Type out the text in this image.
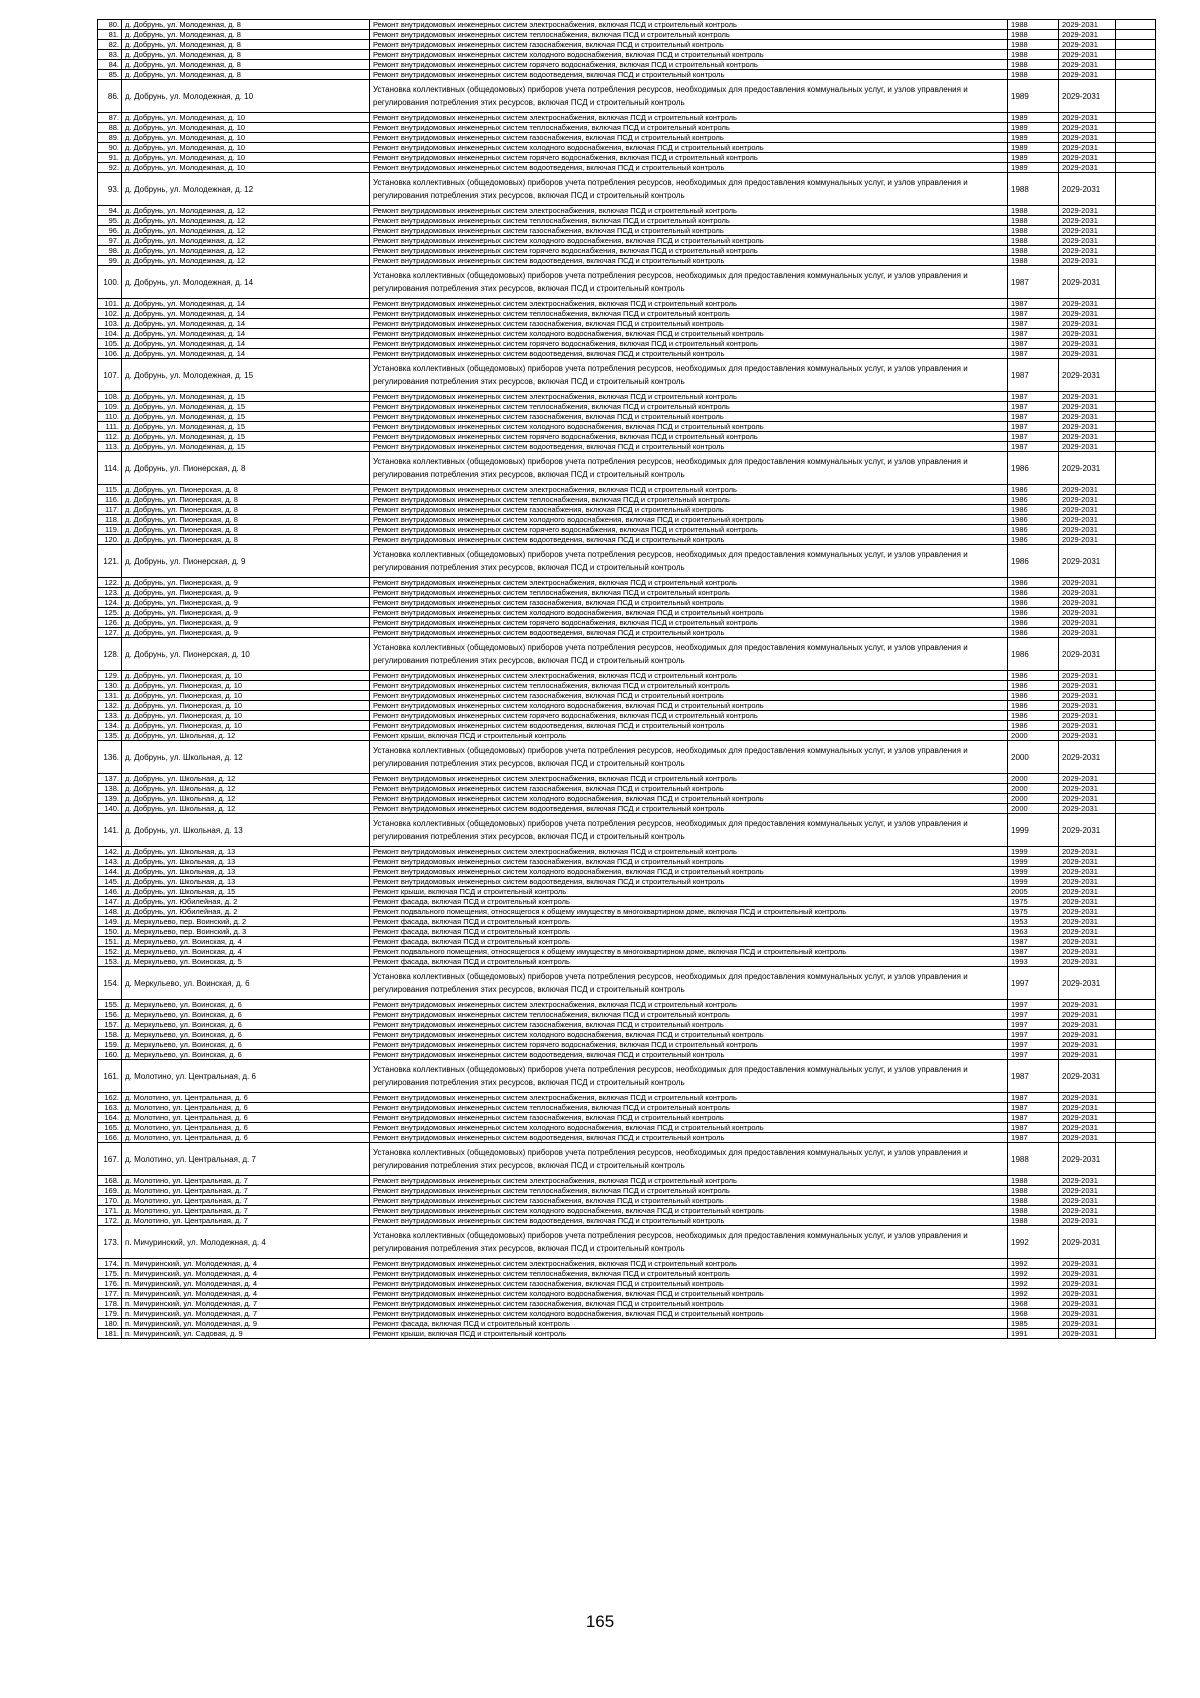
80.	д. Добрунь, ул. Молодежная, д. 8	Ремонт внутридомовых инженерных систем электроснабжения, включая ПСД и строительный контроль	1988	2029-2031	
81.	д. Добрунь, ул. Молодежная, д. 8	Ремонт внутридомовых инженерных систем теплоснабжения, включая ПСД и строительный контроль	1988	2029-2031	
82.	д. Добрунь, ул. Молодежная, д. 8	Ремонт внутридомовых инженерных систем газоснабжения, включая ПСД и строительный контроль	1988	2029-2031	
83.	д. Добрунь, ул. Молодежная, д. 8	Ремонт внутридомовых инженерных систем холодного водоснабжения, включая ПСД и строительный контроль	1988	2029-2031	
84.	д. Добрунь, ул. Молодежная, д. 8	Ремонт внутридомовых инженерных систем горячего водоснабжения, включая ПСД и строительный контроль	1988	2029-2031	
85.	д. Добрунь, ул. Молодежная, д. 8	Ремонт внутридомовых инженерных систем водоотведения, включая ПСД и строительный контроль	1988	2029-2031	
86.	д. Добрунь, ул. Молодежная, д. 10	Установка коллективных (общедомовых) приборов учета потребления ресурсов, необходимых для предоставления коммунальных услуг, и узлов управления и регулирования потребления этих ресурсов, включая ПСД и строительный контроль	1989	2029-2031	
87.	д. Добрунь, ул. Молодежная, д. 10	Ремонт внутридомовых инженерных систем электроснабжения, включая ПСД и строительный контроль	1989	2029-2031	
88.	д. Добрунь, ул. Молодежная, д. 10	Ремонт внутридомовых инженерных систем теплоснабжения, включая ПСД и строительный контроль	1989	2029-2031	
89.	д. Добрунь, ул. Молодежная, д. 10	Ремонт внутридомовых инженерных систем газоснабжения, включая ПСД и строительный контроль	1989	2029-2031	
90.	д. Добрунь, ул. Молодежная, д. 10	Ремонт внутридомовых инженерных систем холодного водоснабжения, включая ПСД и строительный контроль	1989	2029-2031	
91.	д. Добрунь, ул. Молодежная, д. 10	Ремонт внутридомовых инженерных систем горячего водоснабжения, включая ПСД и строительный контроль	1989	2029-2031	
92.	д. Добрунь, ул. Молодежная, д. 10	Ремонт внутридомовых инженерных систем водоотведения, включая ПСД и строительный контроль	1989	2029-2031	
93.	д. Добрунь, ул. Молодежная, д. 12	Установка коллективных (общедомовых) приборов учета потребления ресурсов, необходимых для предоставления коммунальных услуг, и узлов управления и регулирования потребления этих ресурсов, включая ПСД и строительный контроль	1988	2029-2031	
94.	д. Добрунь, ул. Молодежная, д. 12	Ремонт внутридомовых инженерных систем электроснабжения, включая ПСД и строительный контроль	1988	2029-2031	
95.	д. Добрунь, ул. Молодежная, д. 12	Ремонт внутридомовых инженерных систем теплоснабжения, включая ПСД и строительный контроль	1988	2029-2031	
96.	д. Добрунь, ул. Молодежная, д. 12	Ремонт внутридомовых инженерных систем газоснабжения, включая ПСД и строительный контроль	1988	2029-2031	
97.	д. Добрунь, ул. Молодежная, д. 12	Ремонт внутридомовых инженерных систем холодного водоснабжения, включая ПСД и строительный контроль	1988	2029-2031	
98.	д. Добрунь, ул. Молодежная, д. 12	Ремонт внутридомовых инженерных систем горячего водоснабжения, включая ПСД и строительный контроль	1988	2029-2031	
99.	д. Добрунь, ул. Молодежная, д. 12	Ремонт внутридомовых инженерных систем водоотведения, включая ПСД и строительный контроль	1988	2029-2031	
100.	д. Добрунь, ул. Молодежная, д. 14	Установка коллективных (общедомовых) приборов учета потребления ресурсов, необходимых для предоставления коммунальных услуг, и узлов управления и регулирования потребления этих ресурсов, включая ПСД и строительный контроль	1987	2029-2031	
101.	д. Добрунь, ул. Молодежная, д. 14	Ремонт внутридомовых инженерных систем электроснабжения, включая ПСД и строительный контроль	1987	2029-2031	
102.	д. Добрунь, ул. Молодежная, д. 14	Ремонт внутридомовых инженерных систем теплоснабжения, включая ПСД и строительный контроль	1987	2029-2031	
103.	д. Добрунь, ул. Молодежная, д. 14	Ремонт внутридомовых инженерных систем газоснабжения, включая ПСД и строительный контроль	1987	2029-2031	
104.	д. Добрунь, ул. Молодежная, д. 14	Ремонт внутридомовых инженерных систем холодного водоснабжения, включая ПСД и строительный контроль	1987	2029-2031	
105.	д. Добрунь, ул. Молодежная, д. 14	Ремонт внутридомовых инженерных систем горячего водоснабжения, включая ПСД и строительный контроль	1987	2029-2031	
106.	д. Добрунь, ул. Молодежная, д. 14	Ремонт внутридомовых инженерных систем водоотведения, включая ПСД и строительный контроль	1987	2029-2031	
107.	д. Добрунь, ул. Молодежная, д. 15	Установка коллективных (общедомовых) приборов учета потребления ресурсов, необходимых для предоставления коммунальных услуг, и узлов управления и регулирования потребления этих ресурсов, включая ПСД и строительный контроль	1987	2029-2031	
108.	д. Добрунь, ул. Молодежная, д. 15	Ремонт внутридомовых инженерных систем электроснабжения, включая ПСД и строительный контроль	1987	2029-2031	
109.	д. Добрунь, ул. Молодежная, д. 15	Ремонт внутридомовых инженерных систем теплоснабжения, включая ПСД и строительный контроль	1987	2029-2031	
110.	д. Добрунь, ул. Молодежная, д. 15	Ремонт внутридомовых инженерных систем газоснабжения, включая ПСД и строительный контроль	1987	2029-2031	
111.	д. Добрунь, ул. Молодежная, д. 15	Ремонт внутридомовых инженерных систем холодного водоснабжения, включая ПСД и строительный контроль	1987	2029-2031	
112.	д. Добрунь, ул. Молодежная, д. 15	Ремонт внутридомовых инженерных систем горячего водоснабжения, включая ПСД и строительный контроль	1987	2029-2031	
113.	д. Добрунь, ул. Молодежная, д. 15	Ремонт внутридомовых инженерных систем водоотведения, включая ПСД и строительный контроль	1987	2029-2031	
114.	д. Добрунь, ул. Пионерская, д. 8	Установка коллективных (общедомовых) приборов учета потребления ресурсов, необходимых для предоставления коммунальных услуг, и узлов управления и регулирования потребления этих ресурсов, включая ПСД и строительный контроль	1986	2029-2031	
115.	д. Добрунь, ул. Пионерская, д. 8	Ремонт внутридомовых инженерных систем электроснабжения, включая ПСД и строительный контроль	1986	2029-2031	
116.	д. Добрунь, ул. Пионерская, д. 8	Ремонт внутридомовых инженерных систем теплоснабжения, включая ПСД и строительный контроль	1986	2029-2031	
117.	д. Добрунь, ул. Пионерская, д. 8	Ремонт внутридомовых инженерных систем газоснабжения, включая ПСД и строительный контроль	1986	2029-2031	
118.	д. Добрунь, ул. Пионерская, д. 8	Ремонт внутридомовых инженерных систем холодного водоснабжения, включая ПСД и строительный контроль	1986	2029-2031	
119.	д. Добрунь, ул. Пионерская, д. 8	Ремонт внутридомовых инженерных систем горячего водоснабжения, включая ПСД и строительный контроль	1986	2029-2031	
120.	д. Добрунь, ул. Пионерская, д. 8	Ремонт внутридомовых инженерных систем водоотведения, включая ПСД и строительный контроль	1986	2029-2031	
121.	д. Добрунь, ул. Пионерская, д. 9	Установка коллективных (общедомовых) приборов учета потребления ресурсов, необходимых для предоставления коммунальных услуг, и узлов управления и регулирования потребления этих ресурсов, включая ПСД и строительный контроль	1986	2029-2031	
122.	д. Добрунь, ул. Пионерская, д. 9	Ремонт внутридомовых инженерных систем электроснабжения, включая ПСД и строительный контроль	1986	2029-2031	
123.	д. Добрунь, ул. Пионерская, д. 9	Ремонт внутридомовых инженерных систем теплоснабжения, включая ПСД и строительный контроль	1986	2029-2031	
124.	д. Добрунь, ул. Пионерская, д. 9	Ремонт внутридомовых инженерных систем газоснабжения, включая ПСД и строительный контроль	1986	2029-2031	
125.	д. Добрунь, ул. Пионерская, д. 9	Ремонт внутридомовых инженерных систем холодного водоснабжения, включая ПСД и строительный контроль	1986	2029-2031	
126.	д. Добрунь, ул. Пионерская, д. 9	Ремонт внутридомовых инженерных систем горячего водоснабжения, включая ПСД и строительный контроль	1986	2029-2031	
127.	д. Добрунь, ул. Пионерская, д. 9	Ремонт внутридомовых инженерных систем водоотведения, включая ПСД и строительный контроль	1986	2029-2031	
128.	д. Добрунь, ул. Пионерская, д. 10	Установка коллективных (общедомовых) приборов учета потребления ресурсов, необходимых для предоставления коммунальных услуг, и узлов управления и регулирования потребления этих ресурсов, включая ПСД и строительный контроль	1986	2029-2031	
129.	д. Добрунь, ул. Пионерская, д. 10	Ремонт внутридомовых инженерных систем электроснабжения, включая ПСД и строительный контроль	1986	2029-2031	
130.	д. Добрунь, ул. Пионерская, д. 10	Ремонт внутридомовых инженерных систем теплоснабжения, включая ПСД и строительный контроль	1986	2029-2031	
131.	д. Добрунь, ул. Пионерская, д. 10	Ремонт внутридомовых инженерных систем газоснабжения, включая ПСД и строительный контроль	1986	2029-2031	
132.	д. Добрунь, ул. Пионерская, д. 10	Ремонт внутридомовых инженерных систем холодного водоснабжения, включая ПСД и строительный контроль	1986	2029-2031	
133.	д. Добрунь, ул. Пионерская, д. 10	Ремонт внутридомовых инженерных систем горячего водоснабжения, включая ПСД и строительный контроль	1986	2029-2031	
134.	д. Добрунь, ул. Пионерская, д. 10	Ремонт внутридомовых инженерных систем водоотведения, включая ПСД и строительный контроль	1986	2029-2031	
135.	д. Добрунь, ул. Школьная, д. 12	Ремонт крыши, включая ПСД и строительный контроль	2000	2029-2031	
136.	д. Добрунь, ул. Школьная, д. 12	Установка коллективных (общедомовых) приборов учета потребления ресурсов, необходимых для предоставления коммунальных услуг, и узлов управления и регулирования потребления этих ресурсов, включая ПСД и строительный контроль	2000	2029-2031	
137.	д. Добрунь, ул. Школьная, д. 12	Ремонт внутридомовых инженерных систем электроснабжения, включая ПСД и строительный контроль	2000	2029-2031	
138.	д. Добрунь, ул. Школьная, д. 12	Ремонт внутридомовых инженерных систем газоснабжения, включая ПСД и строительный контроль	2000	2029-2031	
139.	д. Добрунь, ул. Школьная, д. 12	Ремонт внутридомовых инженерных систем холодного водоснабжения, включая ПСД и строительный контроль	2000	2029-2031	
140.	д. Добрунь, ул. Школьная, д. 12	Ремонт внутридомовых инженерных систем водоотведения, включая ПСД и строительный контроль	2000	2029-2031	
141.	д. Добрунь, ул. Школьная, д. 13	Установка коллективных (общедомовых) приборов учета потребления ресурсов, необходимых для предоставления коммунальных услуг, и узлов управления и регулирования потребления этих ресурсов, включая ПСД и строительный контроль	1999	2029-2031	
142.	д. Добрунь, ул. Школьная, д. 13	Ремонт внутридомовых инженерных систем электроснабжения, включая ПСД и строительный контроль	1999	2029-2031	
143.	д. Добрунь, ул. Школьная, д. 13	Ремонт внутридомовых инженерных систем газоснабжения, включая ПСД и строительный контроль	1999	2029-2031	
144.	д. Добрунь, ул. Школьная, д. 13	Ремонт внутридомовых инженерных систем холодного водоснабжения, включая ПСД и строительный контроль	1999	2029-2031	
145.	д. Добрунь, ул. Школьная, д. 13	Ремонт внутридомовых инженерных систем водоотведения, включая ПСД и строительный контроль	1999	2029-2031	
146.	д. Добрунь, ул. Школьная, д. 15	Ремонт крыши, включая ПСД и строительный контроль	2005	2029-2031	
147.	д. Добрунь, ул. Юбилейная, д. 2	Ремонт фасада, включая ПСД и строительный контроль	1975	2029-2031	
148.	д. Добрунь, ул. Юбилейная, д. 2	Ремонт подвального помещения, относящегося к общему имуществу в многоквартирном доме, включая ПСД и строительный контроль	1975	2029-2031	
149.	д. Меркульево, пер. Воинский, д. 2	Ремонт фасада, включая ПСД и строительный контроль	1953	2029-2031	
150.	д. Меркульево, пер. Воинский, д. 3	Ремонт фасада, включая ПСД и строительный контроль	1963	2029-2031	
151.	д. Меркульево, ул. Воинская, д. 4	Ремонт фасада, включая ПСД и строительный контроль	1987	2029-2031	
152.	д. Меркульево, ул. Воинская, д. 4	Ремонт подвального помещения, относящегося к общему имуществу в многоквартирном доме, включая ПСД и строительный контроль	1987	2029-2031	
153.	д. Меркульево, ул. Воинская, д. 5	Ремонт фасада, включая ПСД и строительный контроль	1993	2029-2031	
154.	д. Меркульево, ул. Воинская, д. 6	Установка коллективных (общедомовых) приборов учета потребления ресурсов, необходимых для предоставления коммунальных услуг, и узлов управления и регулирования потребления этих ресурсов, включая ПСД и строительный контроль	1997	2029-2031	
155.	д. Меркульево, ул. Воинская, д. 6	Ремонт внутридомовых инженерных систем электроснабжения, включая ПСД и строительный контроль	1997	2029-2031	
156.	д. Меркульево, ул. Воинская, д. 6	Ремонт внутридомовых инженерных систем теплоснабжения, включая ПСД и строительный контроль	1997	2029-2031	
157.	д. Меркульево, ул. Воинская, д. 6	Ремонт внутридомовых инженерных систем газоснабжения, включая ПСД и строительный контроль	1997	2029-2031	
158.	д. Меркульево, ул. Воинская, д. 6	Ремонт внутридомовых инженерных систем холодного водоснабжения, включая ПСД и строительный контроль	1997	2029-2031	
159.	д. Меркульево, ул. Воинская, д. 6	Ремонт внутридомовых инженерных систем горячего водоснабжения, включая ПСД и строительный контроль	1997	2029-2031	
160.	д. Меркульево, ул. Воинская, д. 6	Ремонт внутридомовых инженерных систем водоотведения, включая ПСД и строительный контроль	1997	2029-2031	
161.	д. Молотино, ул. Центральная, д. 6	Установка коллективных (общедомовых) приборов учета потребления ресурсов, необходимых для предоставления коммунальных услуг, и узлов управления и регулирования потребления этих ресурсов, включая ПСД и строительный контроль	1987	2029-2031	
162.	д. Молотино, ул. Центральная, д. 6	Ремонт внутридомовых инженерных систем электроснабжения, включая ПСД и строительный контроль	1987	2029-2031	
163.	д. Молотино, ул. Центральная, д. 6	Ремонт внутридомовых инженерных систем теплоснабжения, включая ПСД и строительный контроль	1987	2029-2031	
164.	д. Молотино, ул. Центральная, д. 6	Ремонт внутридомовых инженерных систем газоснабжения, включая ПСД и строительный контроль	1987	2029-2031	
165.	д. Молотино, ул. Центральная, д. 6	Ремонт внутридомовых инженерных систем холодного водоснабжения, включая ПСД и строительный контроль	1987	2029-2031	
166.	д. Молотино, ул. Центральная, д. 6	Ремонт внутридомовых инженерных систем водоотведения, включая ПСД и строительный контроль	1987	2029-2031	
167.	д. Молотино, ул. Центральная, д. 7	Установка коллективных (общедомовых) приборов учета потребления ресурсов, необходимых для предоставления коммунальных услуг, и узлов управления и регулирования потребления этих ресурсов, включая ПСД и строительный контроль	1988	2029-2031	
168.	д. Молотино, ул. Центральная, д. 7	Ремонт внутридомовых инженерных систем электроснабжения, включая ПСД и строительный контроль	1988	2029-2031	
169.	д. Молотино, ул. Центральная, д. 7	Ремонт внутридомовых инженерных систем теплоснабжения, включая ПСД и строительный контроль	1988	2029-2031	
170.	д. Молотино, ул. Центральная, д. 7	Ремонт внутридомовых инженерных систем газоснабжения, включая ПСД и строительный контроль	1988	2029-2031	
171.	д. Молотино, ул. Центральная, д. 7	Ремонт внутридомовых инженерных систем холодного водоснабжения, включая ПСД и строительный контроль	1988	2029-2031	
172.	д. Молотино, ул. Центральная, д. 7	Ремонт внутридомовых инженерных систем водоотведения, включая ПСД и строительный контроль	1988	2029-2031	
173.	п. Мичуринский, ул. Молодежная, д. 4	Установка коллективных (общедомовых) приборов учета потребления ресурсов, необходимых для предоставления коммунальных услуг, и узлов управления и регулирования потребления этих ресурсов, включая ПСД и строительный контроль	1992	2029-2031	
174.	п. Мичуринский, ул. Молодежная, д. 4	Ремонт внутридомовых инженерных систем электроснабжения, включая ПСД и строительный контроль	1992	2029-2031	
175.	п. Мичуринский, ул. Молодежная, д. 4	Ремонт внутридомовых инженерных систем теплоснабжения, включая ПСД и строительный контроль	1992	2029-2031	
176.	п. Мичуринский, ул. Молодежная, д. 4	Ремонт внутридомовых инженерных систем газоснабжения, включая ПСД и строительный контроль	1992	2029-2031	
177.	п. Мичуринский, ул. Молодежная, д. 4	Ремонт внутридомовых инженерных систем холодного водоснабжения, включая ПСД и строительный контроль	1992	2029-2031	
178.	п. Мичуринский, ул. Молодежная, д. 7	Ремонт внутридомовых инженерных систем газоснабжения, включая ПСД и строительный контроль	1968	2029-2031	
179.	п. Мичуринский, ул. Молодежная, д. 7	Ремонт внутридомовых инженерных систем холодного водоснабжения, включая ПСД и строительный контроль	1968	2029-2031	
180.	п. Мичуринский, ул. Молодежная, д. 9	Ремонт фасада, включая ПСД и строительный контроль	1985	2029-2031	
181.	п. Мичуринский, ул. Садовая, д. 9	Ремонт крыши, включая ПСД и строительный контроль	1991	2029-2031	
165
